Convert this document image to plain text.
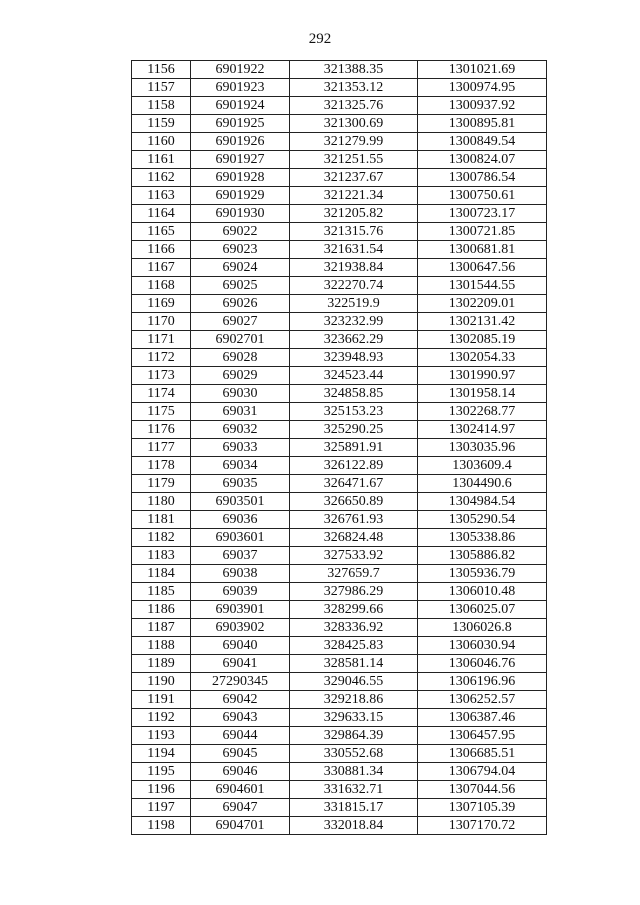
292
1156	6901922	321388.35	1301021.69
1157	6901923	321353.12	1300974.95
1158	6901924	321325.76	1300937.92
1159	6901925	321300.69	1300895.81
1160	6901926	321279.99	1300849.54
1161	6901927	321251.55	1300824.07
1162	6901928	321237.67	1300786.54
1163	6901929	321221.34	1300750.61
1164	6901930	321205.82	1300723.17
1165	69022	321315.76	1300721.85
1166	69023	321631.54	1300681.81
1167	69024	321938.84	1300647.56
1168	69025	322270.74	1301544.55
1169	69026	322519.9	1302209.01
1170	69027	323232.99	1302131.42
1171	6902701	323662.29	1302085.19
1172	69028	323948.93	1302054.33
1173	69029	324523.44	1301990.97
1174	69030	324858.85	1301958.14
1175	69031	325153.23	1302268.77
1176	69032	325290.25	1302414.97
1177	69033	325891.91	1303035.96
1178	69034	326122.89	1303609.4
1179	69035	326471.67	1304490.6
1180	6903501	326650.89	1304984.54
1181	69036	326761.93	1305290.54
1182	6903601	326824.48	1305338.86
1183	69037	327533.92	1305886.82
1184	69038	327659.7	1305936.79
1185	69039	327986.29	1306010.48
1186	6903901	328299.66	1306025.07
1187	6903902	328336.92	1306026.8
1188	69040	328425.83	1306030.94
1189	69041	328581.14	1306046.76
1190	27290345	329046.55	1306196.96
1191	69042	329218.86	1306252.57
1192	69043	329633.15	1306387.46
1193	69044	329864.39	1306457.95
1194	69045	330552.68	1306685.51
1195	69046	330881.34	1306794.04
1196	6904601	331632.71	1307044.56
1197	69047	331815.17	1307105.39
1198	6904701	332018.84	1307170.72
